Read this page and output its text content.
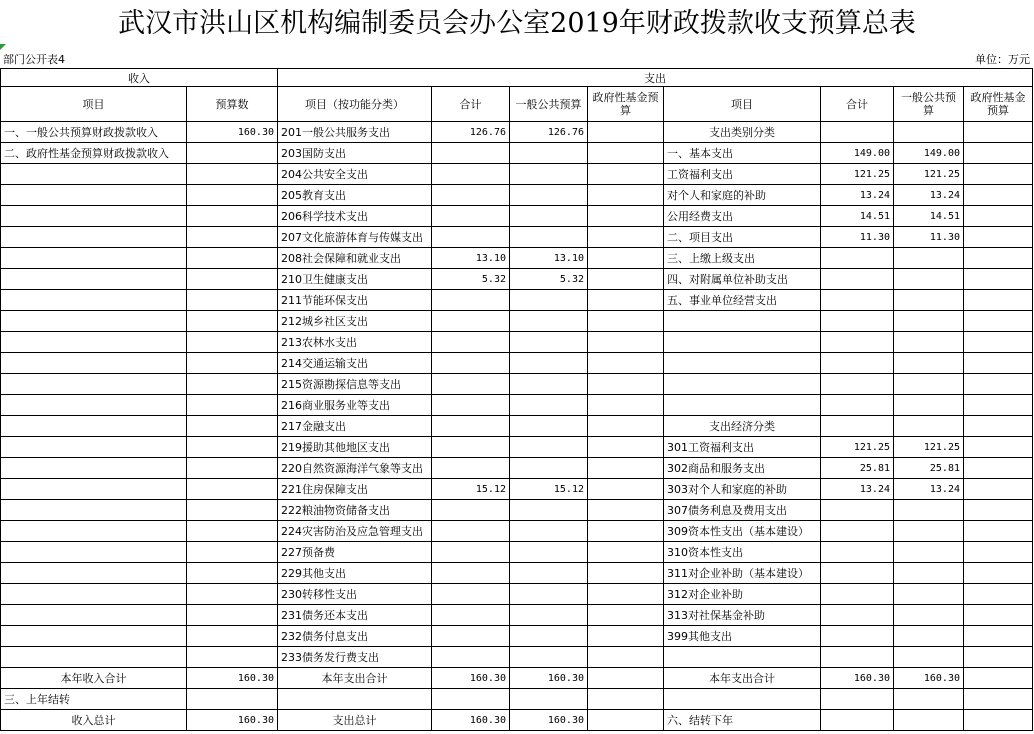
武汉市洪山区机构编制委员会办公室2019年财政拨款收支预算总表
部门公开表4	单位：万元
收入		支出							
项目	预算数	项目（按功能分类）	合计	一般公共预算	政府性基金预算	项目	合计	一般公共预算	政府性基金预算
一、一般公共预算财政拨款收入	160.30	201一般公共服务支出	126.76	126.76		支出类别分类			
二、政府性基金预算财政拨款收入		203国防支出				一、基本支出	149.00	149.00	
		204公共安全支出				工资福利支出	121.25	121.25	
		205教育支出				对个人和家庭的补助	13.24	13.24	
		206科学技术支出				公用经费支出	14.51	14.51	
		207文化旅游体育与传媒支出				二、项目支出	11.30	11.30	
		208社会保障和就业支出	13.10	13.10		三、上缴上级支出			
		210卫生健康支出	5.32	5.32		四、对附属单位补助支出			
		211节能环保支出				五、事业单位经营支出			
		212城乡社区支出							
		213农林水支出							
		214交通运输支出							
		215资源勘探信息等支出							
		216商业服务业等支出							
		217金融支出				支出经济分类			
		219援助其他地区支出				301工资福利支出	121.25	121.25	
		220自然资源海洋气象等支出				302商品和服务支出	25.81	25.81	
		221住房保障支出	15.12	15.12		303对个人和家庭的补助	13.24	13.24	
		222粮油物资储备支出				307债务利息及费用支出			
		224灾害防治及应急管理支出				309资本性支出（基本建设）			
		227预备费				310资本性支出			
		229其他支出				311对企业补助（基本建设）			
		230转移性支出				312对企业补助			
		231债务还本支出				313对社保基金补助			
		232债务付息支出				399其他支出			
		233债务发行费支出							
本年收入合计	160.30	本年支出合计	160.30	160.30		本年支出合计	160.30	160.30	
三、上年结转									
收入总计	160.30	支出总计	160.30	160.30		六、结转下年			
